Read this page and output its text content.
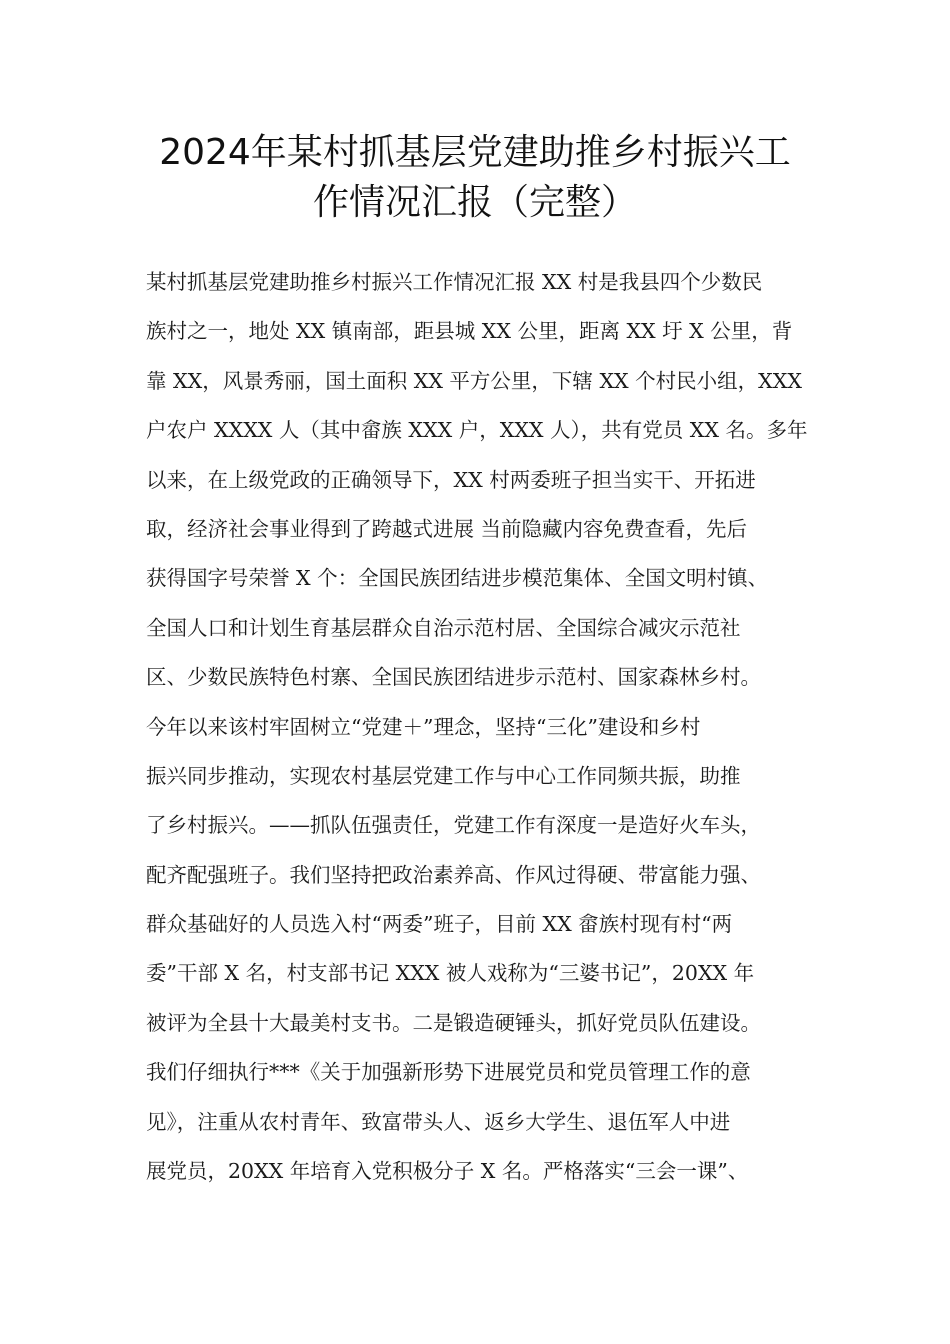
2024年某村抓基层党建助推乡村振兴工
作情况汇报（完整）
某村抓基层党建助推乡村振兴工作情况汇报 XX 村是我县四个少数民
族村之一，地处 XX 镇南部，距县城 XX 公里，距离 XX 圩 X 公里，背
靠 XX，风景秀丽，国土面积 XX 平方公里，下辖 XX 个村民小组，XXX
户农户 XXXX 人（其中畲族 XXX 户，XXX 人），共有党员 XX 名。多年
以来，在上级党政的正确领导下，XX 村两委班子担当实干、开拓进
取，经济社会事业得到了跨越式进展 当前隐藏内容免费查看，先后
获得国字号荣誉 X 个：全国民族团结进步模范集体、全国文明村镇、
全国人口和计划生育基层群众自治示范村居、全国综合减灾示范社
区、少数民族特色村寨、全国民族团结进步示范村、国家森林乡村。
今年以来该村牢固树立“党建＋”理念，坚持“三化”建设和乡村
振兴同步推动，实现农村基层党建工作与中心工作同频共振，助推
了乡村振兴。——抓队伍强责任，党建工作有深度一是造好火车头，
配齐配强班子。我们坚持把政治素养高、作风过得硬、带富能力强、
群众基础好的人员选入村“两委”班子，目前 XX 畲族村现有村“两
委”干部 X 名，村支部书记 XXX 被人戏称为“三婆书记”，20XX 年
被评为全县十大最美村支书。二是锻造硬锤头，抓好党员队伍建设。
我们仔细执行***《关于加强新形势下进展党员和党员管理工作的意
见》，注重从农村青年、致富带头人、返乡大学生、退伍军人中进
展党员，20XX 年培育入党积极分子 X 名。严格落实“三会一课”、
